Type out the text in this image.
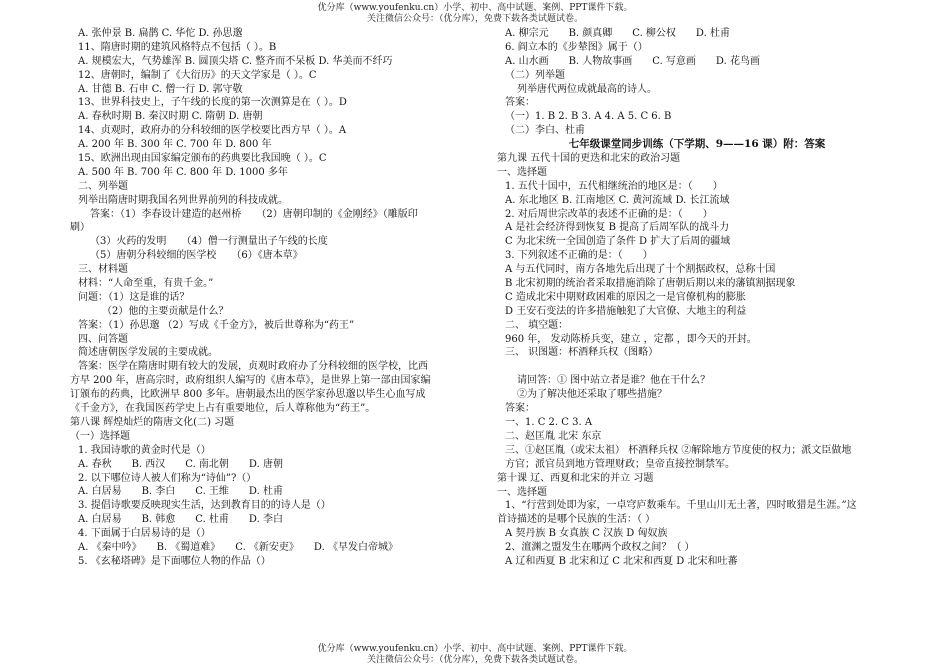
优分库（www.youfenku.cn）小学、初中、高中试题、案例、PPT课件下载。
关注微信公众号：（优分库），免费下载各类试题试卷。
A. 张仲景 B. 扁鹊 C. 华佗 D. 孙思邈
11、隋唐时期的建筑风格特点不包括（ ）。B
A. 规模宏大，气势雄浑 B. 圆顶尖塔 C. 整齐而不呆板 D. 华美而不纤巧
12、唐朝时，编制了《大衍历》的天文学家是（ ）。C
A. 甘德 B. 石申 C. 僧一行 D. 郭守敬
13、世界科技史上，子午线的长度的第一次测算是在（ ）。D
A. 春秋时期 B. 秦汉时期 C. 隋朝 D. 唐朝
14、贞观时，政府办的分科较细的医学校要比西方早（ ）。A
A. 200 年 B. 300 年 C. 700 年 D. 800 年
15、欧洲出现由国家编定颁布的药典要比我国晚（ ）。C
A. 500 年 B. 700 年 C. 800 年 D. 1000 多年
二、列举题
列举出隋唐时期我国名列世界前列的科技成就。
答案：（1）李春设计建造的赵州桥　　（2）唐朝印制的《金刚经》（雕版印
刷）
（3）火药的发明　　（4）僧一行测量出子午线的长度
（5）唐朝分科较细的医学校　　（6）《唐本草》
三、材料题
材料：“人命至重，有贵千金。”
问题：（1）这是谁的话？
（2）他的主要贡献是什么？
答案：（1）孙思邈 （2）写成《千金方》，被后世尊称为“药王”
四、问答题
简述唐朝医学发展的主要成就。
答案：医学在隋唐时期有较大的发展，贞观时政府办了分科较细的医学校，比西
方早 200 年，唐高宗时，政府组织人编写的《唐本草》，是世界上第一部由国家编
订颁布的药典，比欧洲早 800 多年。唐朝最杰出的医学家孙思邈以毕生心血写成
《千金方》，在我国医药学史上占有重要地位，后人尊称他为“药王”。
第八课 辉煌灿烂的隋唐文化(二) 习题
（一）选择题
1. 我国诗歌的黄金时代是（）
A. 春秋　　B. 西汉　　C. 南北朝　　D. 唐朝
2. 以下哪位诗人被人们称为“诗仙”?（）
A. 白居易　　B. 李白　　C. 王维　　D. 杜甫
3. 提倡诗歌要反映现实生活，达到教育目的的诗人是（）
A. 白居易　　B. 韩愈　　C. 杜甫　　D. 李白
4. 下面属于白居易诗的是（）
A. 《秦中吟》　　B. 《蜀道难》　　C. 《新安吏》　　D. 《早发白帝城》
5. 《玄秘塔碑》是下面哪位人物的作品（）
A. 柳宗元　　B. 颜真卿　　C. 柳公权　　D. 杜甫
6. 阎立本的《步辇图》属于（）
A. 山水画　　B. 人物故事画　　C. 写意画　　D. 花鸟画
（二）列举题
列举唐代两位成就最高的诗人。
答案：
（一）1. B 2. B 3. A 4. A 5. C 6. B
（二）李白、杜甫
七年级课堂同步训练（下学期、9——16 课）附：答案
第九课 五代十国的更迭和北宋的政治习题
一、选择题
1. 五代十国中，五代相继统治的地区是：（　　）
A. 东北地区 B. 江南地区 C. 黄河流域 D. 长江流域
2. 对后周世宗改革的表述不正确的是：（　　）
A 是社会经济得到恢复 B 提高了后周军队的战斗力
C 为北宋统一全国创造了条件 D 扩大了后周的疆域
3. 下列叙述不正确的是：（　　）
A 与五代同时，南方各地先后出现了十个割据政权，总称十国
B 北宋初期的统治者采取措施消除了唐朝后期以来的藩镇割据现象
C 造成北宋中期财政困难的原因之一是官僚机构的膨胀
D 王安石变法的许多措施触犯了大官僚、大地主的利益
二、 填空题：
960 年， 发动陈桥兵变，建立 ，定都 ，即今天的开封。
三、 识图题：杯酒释兵权（图略）
请回答：① 图中站立者是谁？他在干什么？
②为了解决他还采取了哪些措施？
答案：
一、1. C 2. C 3. A
二、赵匡胤 北宋 东京
三、①赵匡胤（或宋太祖） 杯酒释兵权 ②解除地方节度使的权力；派文臣做地
方官；派官员到地方管理财政；皇帝直接控制禁军。
第十课 辽、西夏和北宋的并立 习题
一、选择题
1、“行营到处即为家，一卓穹庐数乘车。千里山川无土著，四时畋猎是生涯。”这
首诗描述的是哪个民族的生活：（ ）
A 契丹族 B 女真族 C 汉族 D 匈奴族
2、澶渊之盟发生在哪两个政权之间？（ ）
A 辽和西夏 B 北宋和辽 C 北宋和西夏 D 北宋和吐蕃
优分库（www.youfenku.cn）小学、初中、高中试题、案例、PPT课件下载。
关注微信公众号：（优分库），免费下载各类试题试卷。
